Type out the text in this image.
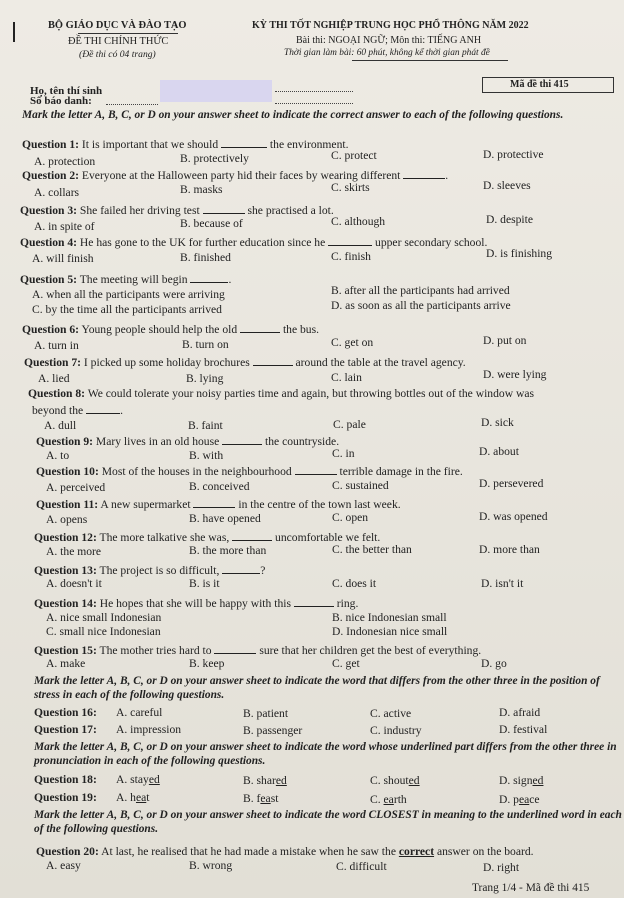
BỘ GIÁO DỤC VÀ ĐÀO TẠO
ĐỀ THI CHÍNH THỨC
(Đề thi có 04 trang)
KỲ THI TỐT NGHIỆP TRUNG HỌC PHỔ THÔNG NĂM 2022
Bài thi: NGOẠI NGỮ; Môn thi: TIẾNG ANH
Thời gian làm bài: 60 phút, không kể thời gian phát đề
Họ, tên thí sinh
Số báo danh:
Mã đề thi 415
Mark the letter A, B, C, or D on your answer sheet to indicate the correct answer to each of the following questions.
Question 1: It is important that we should	the environment.
A. protection	B. protectively	C. protect	D. protective
Question 2: Everyone at the Halloween party hid their faces by wearing different	.
A. collars	B. masks	C. skirts	D. sleeves
Question 3: She failed her driving test	she practised a lot.
A. in spite of	B. because of	C. although	D. despite
Question 4: He has gone to the UK for further education since he	upper secondary school.
A. will finish	B. finished	C. finish	D. is finishing
Question 5: The meeting will begin	.
A. when all the participants were arriving	B. after all the participants had arrived
C. by the time all the participants arrived	D. as soon as all the participants arrive
Question 6: Young people should help the old	the bus.
A. turn in	B. turn on	C. get on	D. put on
Question 7: I picked up some holiday brochures	around the table at the travel agency.
A. lied	B. lying	C. lain	D. were lying
Question 8: We could tolerate your noisy parties time and again, but throwing bottles out of the window was
beyond the	.
A. dull	B. faint	C. pale	D. sick
Question 9: Mary lives in an old house	the countryside.
A. to	B. with	C. in	D. about
Question 10: Most of the houses in the neighbourhood	terrible damage in the fire.
A. perceived	B. conceived	C. sustained	D. persevered
Question 11: A new supermarket	in the centre of the town last week.
A. opens	B. have opened	C. open	D. was opened
Question 12: The more talkative she was,	uncomfortable we felt.
A. the more	B. the more than	C. the better than	D. more than
Question 13: The project is so difficult,	?
A. doesn't it	B. is it	C. does it	D. isn't it
Question 14: He hopes that she will be happy with this	ring.
A. nice small Indonesian	B. nice Indonesian small
C. small nice Indonesian	D. Indonesian nice small
Question 15: The mother tries hard to	sure that her children get the best of everything.
A. make	B. keep	C. get	D. go
Mark the letter A, B, C, or D on your answer sheet to indicate the word that differs from the other three in the position of stress in each of the following questions.
Question 16: A. careful	B. patient	C. active	D. afraid
Question 17: A. impression	B. passenger	C. industry	D. festival
Mark the letter A, B, C, or D on your answer sheet to indicate the word whose underlined part differs from the other three in pronunciation in each of the following questions.
Question 18: A. stayed	B. shared	C. shouted	D. signed
Question 19: A. heat	B. feast	C. earth	D. peace
Mark the letter A, B, C, or D on your answer sheet to indicate the word CLOSEST in meaning to the underlined word in each of the following questions.
Question 20: At last, he realised that he had made a mistake when he saw the correct answer on the board.
A. easy	B. wrong	C. difficult	D. right
Trang 1/4 - Mã đề thi 415
